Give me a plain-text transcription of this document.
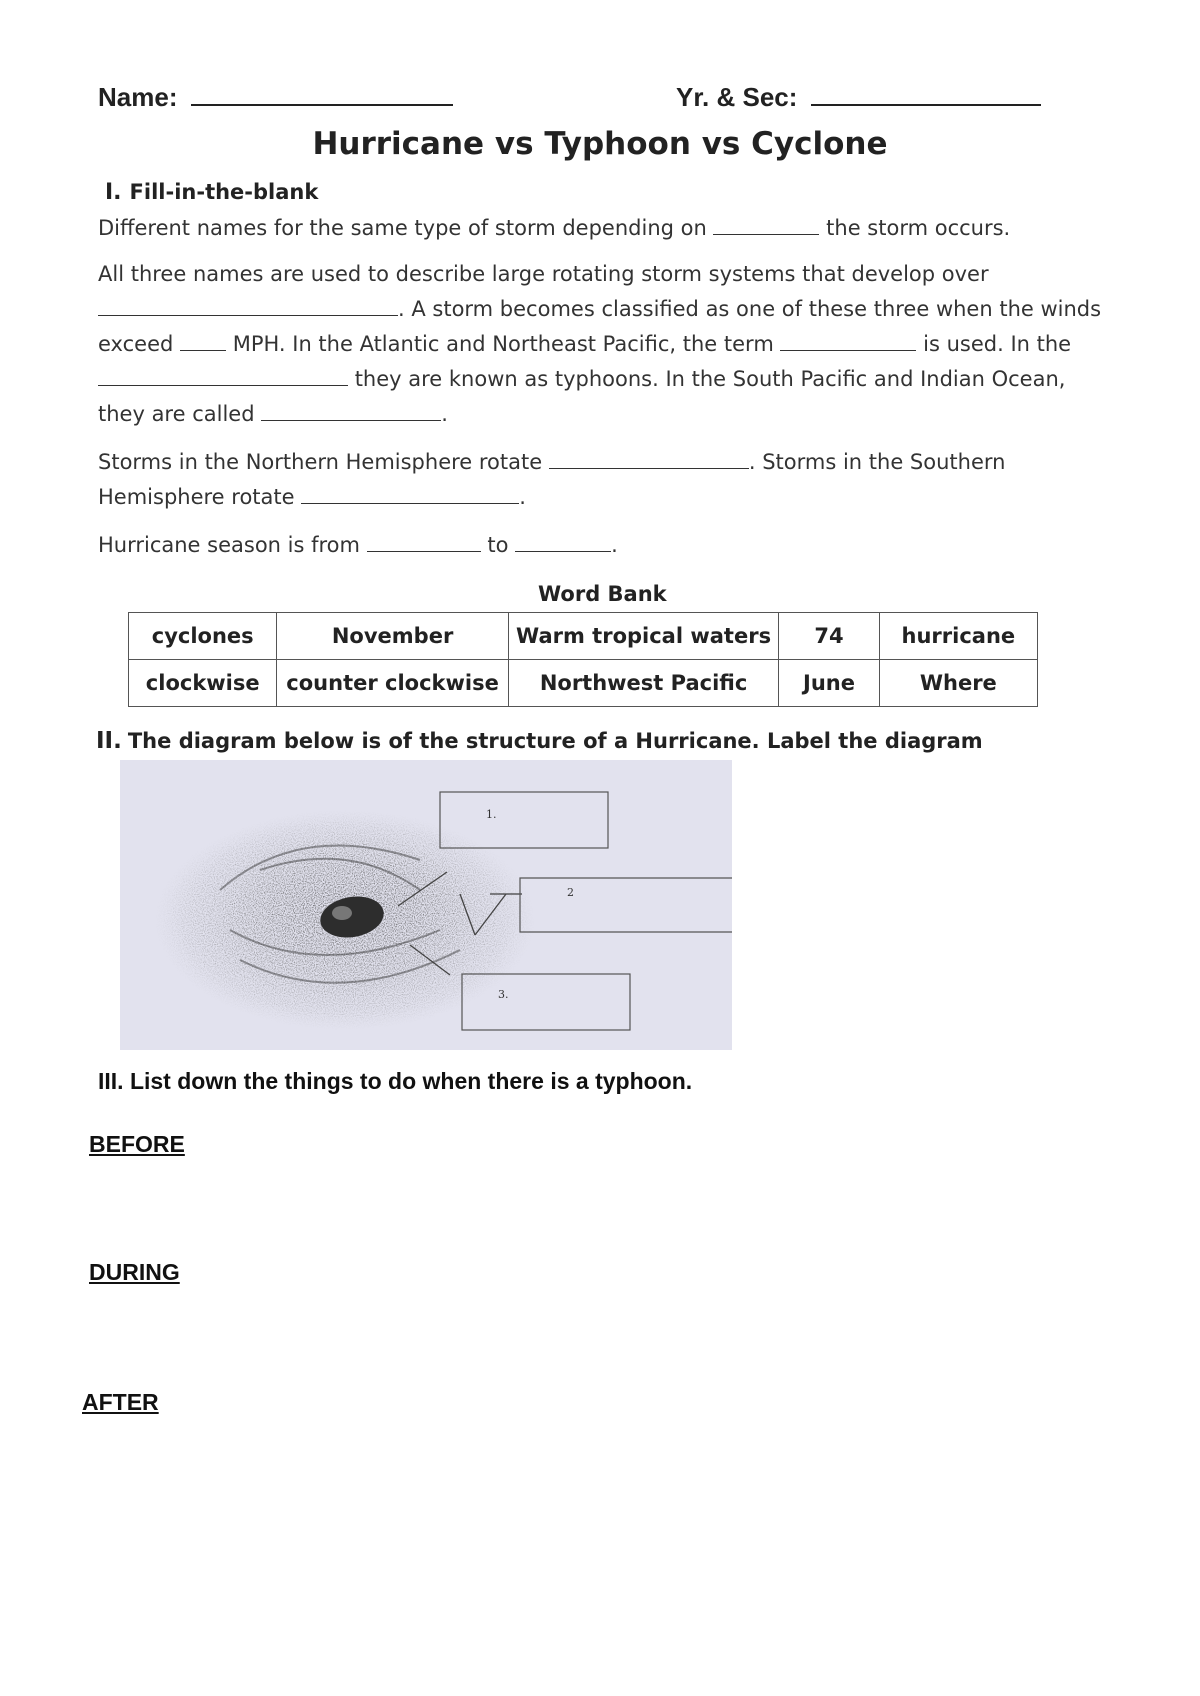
Name:	Yr. & Sec:
Hurricane vs Typhoon vs Cyclone
I. Fill-in-the-blank
Different names for the same type of storm depending on	the storm occurs.
All three names are used to describe large rotating storm systems that develop over
. A storm becomes classified as one of these three when the winds
exceed	MPH. In the Atlantic and Northeast Pacific, the term	is used. In the
they are known as typhoons. In the South Pacific and Indian Ocean,
they are called	.
Storms in the Northern Hemisphere rotate	. Storms in the Southern
Hemisphere rotate	.
Hurricane season is from	to	.
Word Bank
cyclones	November	Warm tropical waters	74	hurricane
clockwise	counter clockwise	Northwest Pacific	June	Where
II. The diagram below is of the structure of a Hurricane. Label the diagram
1.
2
3.
III. List down the things to do when there is a typhoon.
BEFORE
DURING
AFTER
